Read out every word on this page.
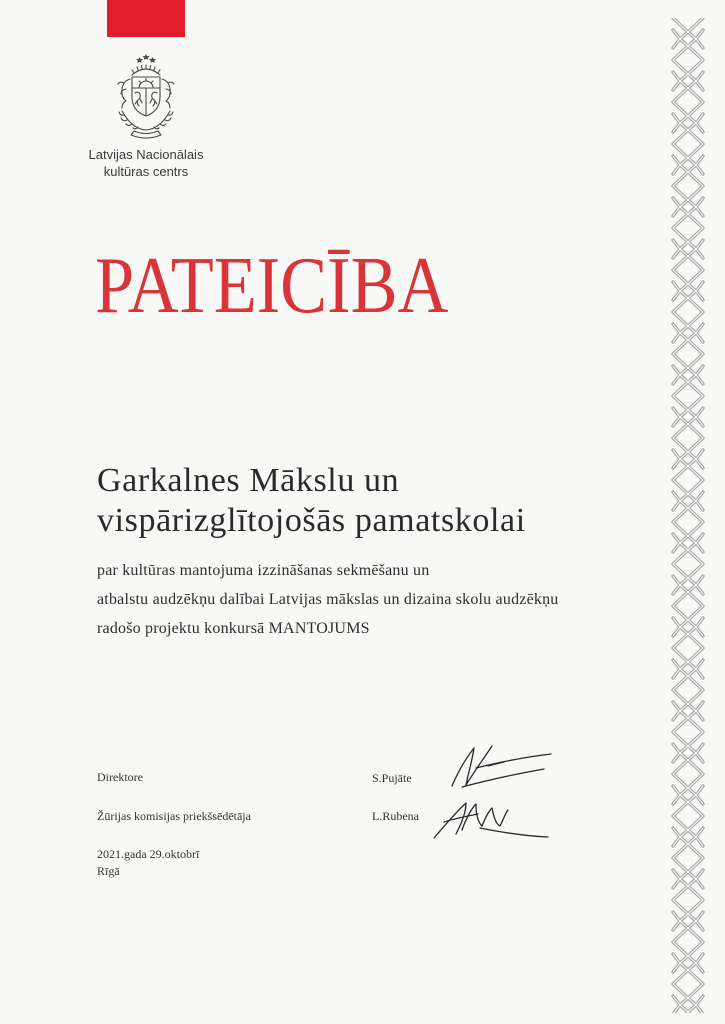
Latvijas Nacionālais
kultūras centrs
PATEICĪBA
Garkalnes Mākslu un
vispārizglītojošās pamatskolai
par kultūras mantojuma izzināšanas sekmēšanu un
atbalstu audzēkņu dalībai Latvijas mākslas un dizaina skolu audzēkņu
radošo projektu konkursā MANTOJUMS
Direktore	S.Pujāte
Žūrijas komisijas priekšsēdētāja	L.Rubena
2021.gada 29.oktobrī
Rīgā
